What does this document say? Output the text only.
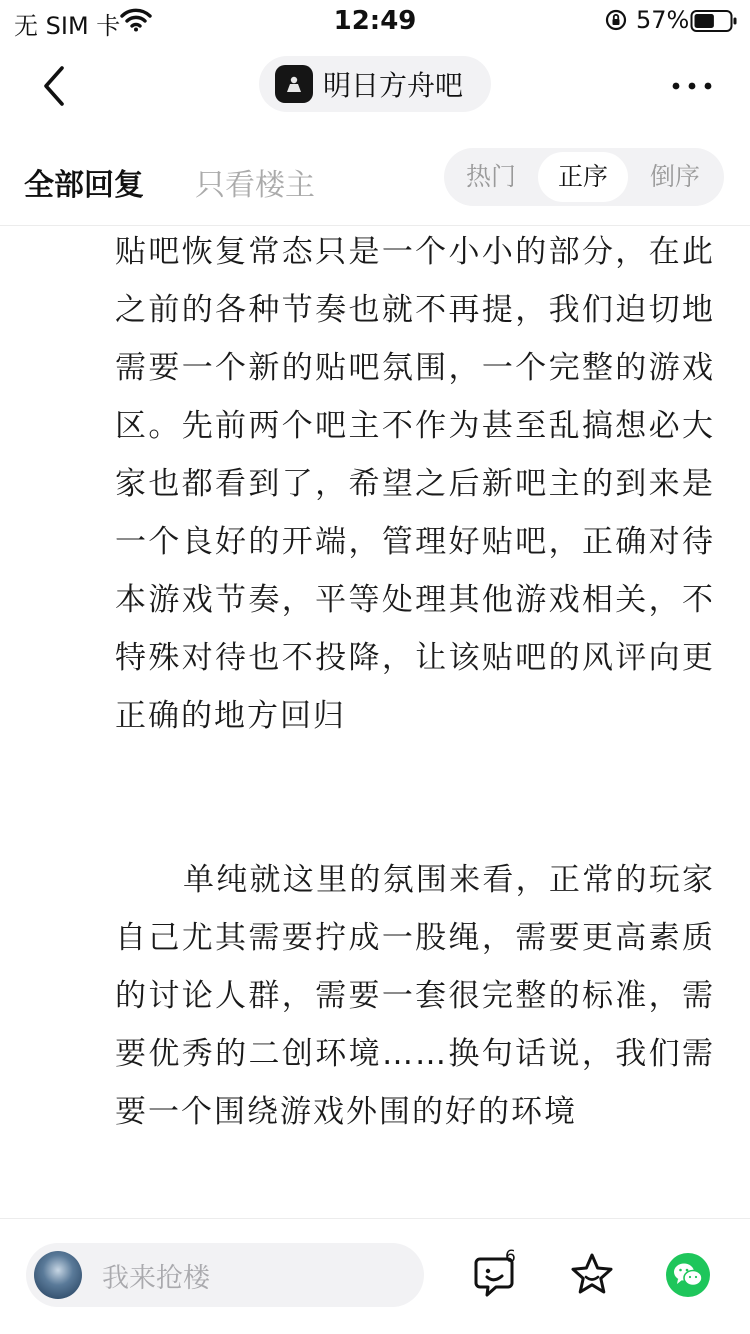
无 SIM 卡	12:49	57%
明日方舟吧
全部回复 只看楼主	热门	正序	倒序

贴吧恢复常态只是一个小小的部分，在此之前的各种节奏也就不再提，我们迫切地需要一个新的贴吧氛围，一个完整的游戏区。先前两个吧主不作为甚至乱搞想必大家也都看到了，希望之后新吧主的到来是一个良好的开端，管理好贴吧，正确对待本游戏节奏，平等处理其他游戏相关，不特殊对待也不投降，让该贴吧的风评向更正确的地方回归

单纯就这里的氛围来看，正常的玩家自己尤其需要拧成一股绳，需要更高素质的讨论人群，需要一套很完整的标准，需要优秀的二创环境……换句话说，我们需要一个围绕游戏外围的好的环境

我来抢楼
6
